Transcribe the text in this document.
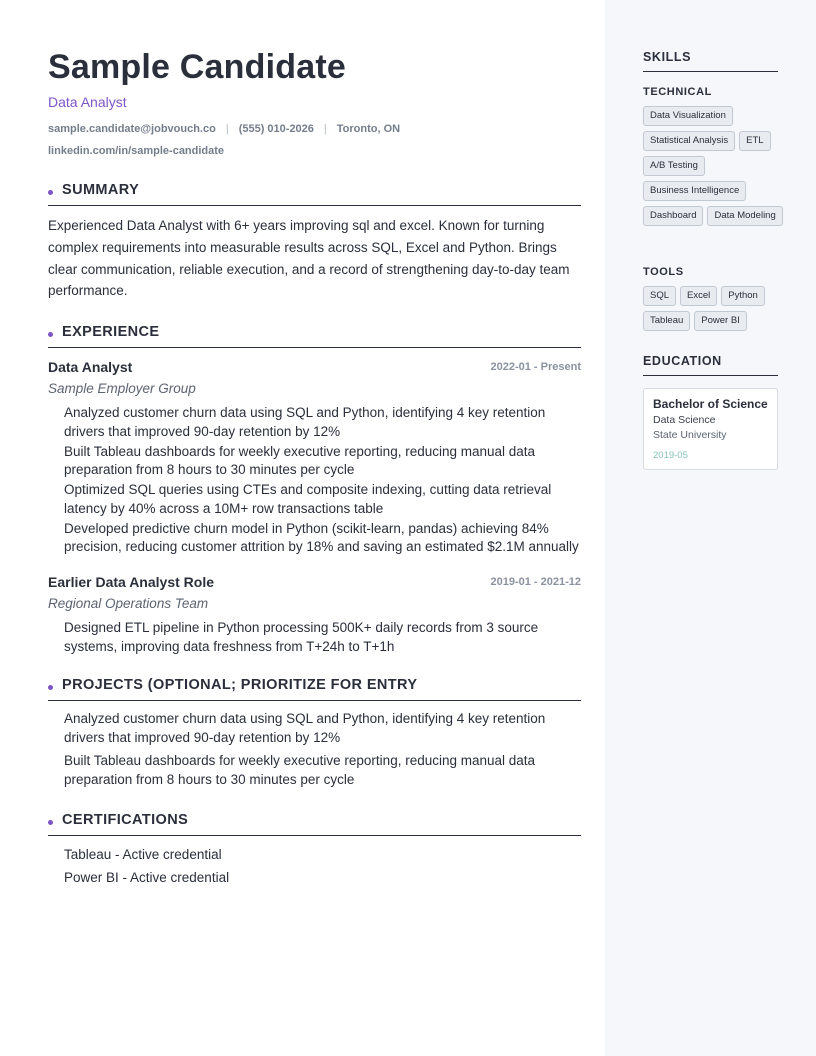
Sample Candidate
Data Analyst
sample.candidate@jobvouch.co | (555) 010-2026 | Toronto, ON
linkedin.com/in/sample-candidate
SUMMARY
Experienced Data Analyst with 6+ years improving sql and excel. Known for turning complex requirements into measurable results across SQL, Excel and Python. Brings clear communication, reliable execution, and a record of strengthening day-to-day team performance.
EXPERIENCE
Data Analyst	2022-01 - Present
Sample Employer Group
Analyzed customer churn data using SQL and Python, identifying 4 key retention drivers that improved 90-day retention by 12%
Built Tableau dashboards for weekly executive reporting, reducing manual data preparation from 8 hours to 30 minutes per cycle
Optimized SQL queries using CTEs and composite indexing, cutting data retrieval latency by 40% across a 10M+ row transactions table
Developed predictive churn model in Python (scikit-learn, pandas) achieving 84% precision, reducing customer attrition by 18% and saving an estimated $2.1M annually
Earlier Data Analyst Role	2019-01 - 2021-12
Regional Operations Team
Designed ETL pipeline in Python processing 500K+ daily records from 3 source systems, improving data freshness from T+24h to T+1h
PROJECTS (OPTIONAL; PRIORITIZE FOR ENTRY
Analyzed customer churn data using SQL and Python, identifying 4 key retention drivers that improved 90-day retention by 12%
Built Tableau dashboards for weekly executive reporting, reducing manual data preparation from 8 hours to 30 minutes per cycle
CERTIFICATIONS
Tableau - Active credential
Power BI - Active credential
SKILLS
TECHNICAL
Data Visualization
Statistical Analysis	ETL
A/B Testing
Business Intelligence
Dashboard	Data Modeling
TOOLS
SQL	Excel	Python
Tableau	Power BI
EDUCATION
Bachelor of Science
Data Science
State University
2019-05
